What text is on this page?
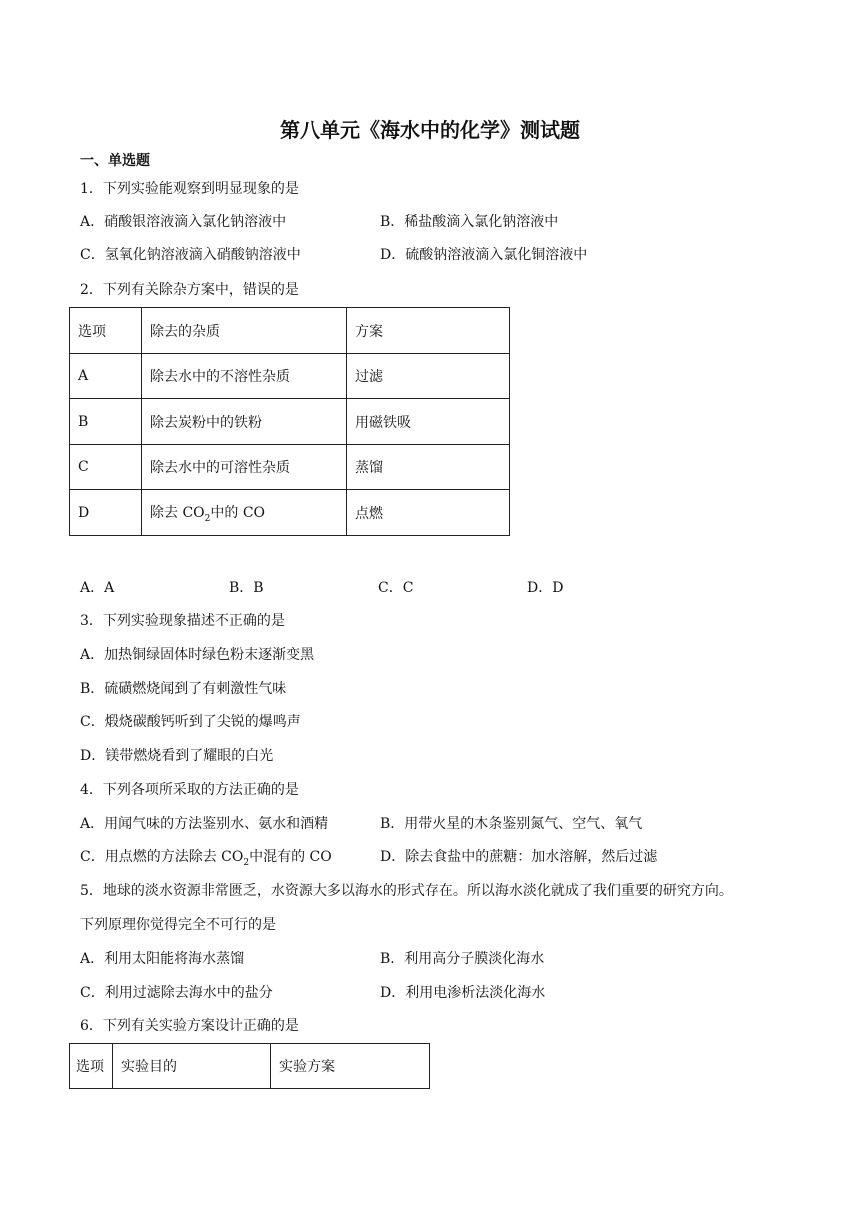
第八单元《海水中的化学》测试题
一、单选题
1．下列实验能观察到明显现象的是
A．硝酸银溶液滴入氯化钠溶液中	B．稀盐酸滴入氯化钠溶液中
C．氢氧化钠溶液滴入硝酸钠溶液中	D．硫酸钠溶液滴入氯化铜溶液中
2．下列有关除杂方案中，错误的是
选项	除去的杂质	方案
A	除去水中的不溶性杂质	过滤
B	除去炭粉中的铁粉	用磁铁吸
C	除去水中的可溶性杂质	蒸馏
D	除去 $CO_2$中的 CO	点燃
A．A	B．B	C．C	D．D
3．下列实验现象描述不正确的是
A．加热铜绿固体时绿色粉末逐渐变黑
B．硫磺燃烧闻到了有刺激性气味
C．煅烧碳酸钙听到了尖锐的爆鸣声
D．镁带燃烧看到了耀眼的白光
4．下列各项所采取的方法正确的是
A．用闻气味的方法鉴别水、氨水和酒精	B．用带火星的木条鉴别氮气、空气、氧气
C．用点燃的方法除去 $CO_2$中混有的 CO	D．除去食盐中的蔗糖：加水溶解，然后过滤
5．地球的淡水资源非常匮乏，水资源大多以海水的形式存在。所以海水淡化就成了我们重要的研究方向。
下列原理你觉得完全不可行的是
A．利用太阳能将海水蒸馏	B．利用高分子膜淡化海水
C．利用过滤除去海水中的盐分	D．利用电渗析法淡化海水
6．下列有关实验方案设计正确的是
选项	实验目的	实验方案
